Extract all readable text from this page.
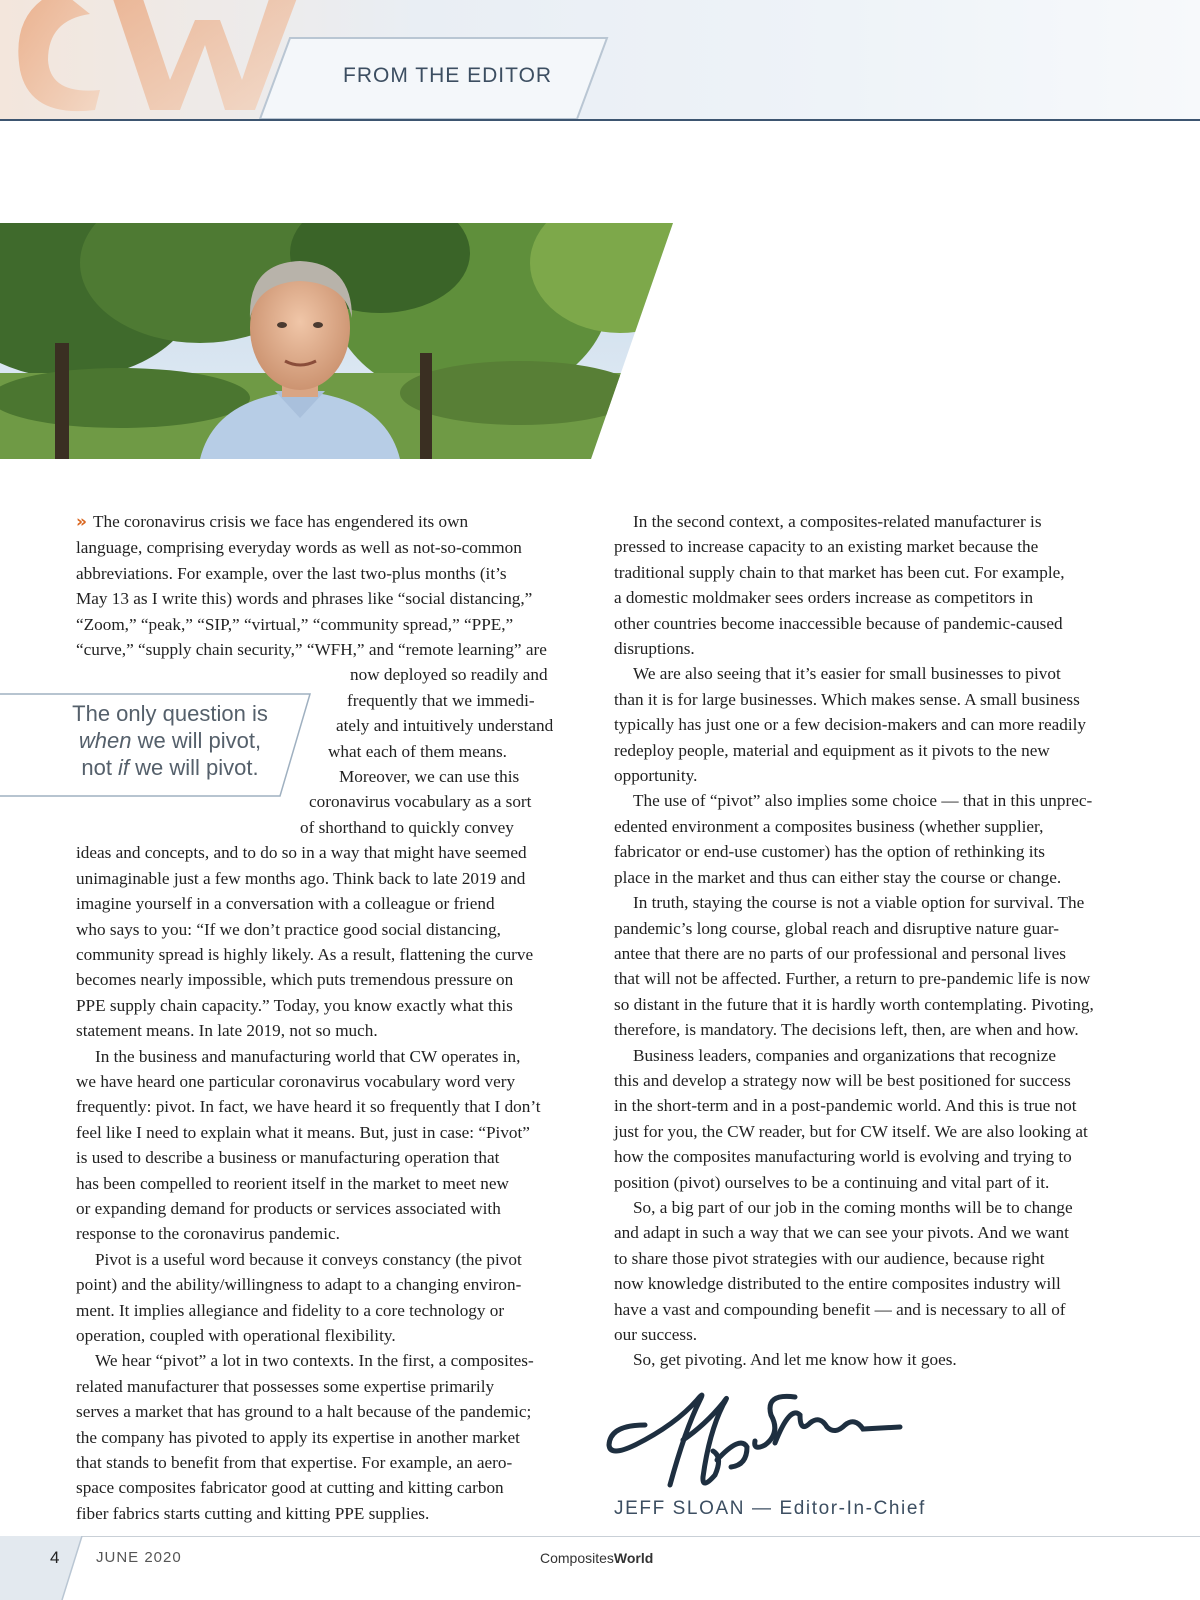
FROM THE EDITOR
The only question is
when we will pivot,
not if we will pivot.

» The coronavirus crisis we face has engendered its own
language, comprising everyday words as well as not-so-common
abbreviations. For example, over the last two-plus months (it’s
May 13 as I write this) words and phrases like “social distancing,”
“Zoom,” “peak,” “SIP,” “virtual,” “community spread,” “PPE,”
“curve,” “supply chain security,” “WFH,” and “remote learning” are
now deployed so readily and
frequently that we immedi-
ately and intuitively understand
what each of them means.
Moreover, we can use this
coronavirus vocabulary as a sort
of shorthand to quickly convey
ideas and concepts, and to do so in a way that might have seemed
unimaginable just a few months ago. Think back to late 2019 and
imagine yourself in a conversation with a colleague or friend
who says to you: “If we don’t practice good social distancing,
community spread is highly likely. As a result, flattening the curve
becomes nearly impossible, which puts tremendous pressure on
PPE supply chain capacity.” Today, you know exactly what this
statement means. In late 2019, not so much.

In the business and manufacturing world that CW operates in,
we have heard one particular coronavirus vocabulary word very
frequently: pivot. In fact, we have heard it so frequently that I don’t
feel like I need to explain what it means. But, just in case: “Pivot”
is used to describe a business or manufacturing operation that
has been compelled to reorient itself in the market to meet new
or expanding demand for products or services associated with
response to the coronavirus pandemic.

Pivot is a useful word because it conveys constancy (the pivot
point) and the ability/willingness to adapt to a changing environ-
ment. It implies allegiance and fidelity to a core technology or
operation, coupled with operational flexibility.

We hear “pivot” a lot in two contexts. In the first, a composites-
related manufacturer that possesses some expertise primarily
serves a market that has ground to a halt because of the pandemic;
the company has pivoted to apply its expertise in another market
that stands to benefit from that expertise. For example, an aero-
space composites fabricator good at cutting and kitting carbon
fiber fabrics starts cutting and kitting PPE supplies.

In the second context, a composites-related manufacturer is
pressed to increase capacity to an existing market because the
traditional supply chain to that market has been cut. For example,
a domestic moldmaker sees orders increase as competitors in
other countries become inaccessible because of pandemic-caused
disruptions.

We are also seeing that it’s easier for small businesses to pivot
than it is for large businesses. Which makes sense. A small business
typically has just one or a few decision-makers and can more readily
redeploy people, material and equipment as it pivots to the new
opportunity.

The use of “pivot” also implies some choice — that in this unprec-
edented environment a composites business (whether supplier,
fabricator or end-use customer) has the option of rethinking its
place in the market and thus can either stay the course or change.

In truth, staying the course is not a viable option for survival. The
pandemic’s long course, global reach and disruptive nature guar-
antee that there are no parts of our professional and personal lives
that will not be affected. Further, a return to pre-pandemic life is now
so distant in the future that it is hardly worth contemplating. Pivoting,
therefore, is mandatory. The decisions left, then, are when and how.

Business leaders, companies and organizations that recognize
this and develop a strategy now will be best positioned for success
in the short-term and in a post-pandemic world. And this is true not
just for you, the CW reader, but for CW itself. We are also looking at
how the composites manufacturing world is evolving and trying to
position (pivot) ourselves to be a continuing and vital part of it.

So, a big part of our job in the coming months will be to change
and adapt in such a way that we can see your pivots. And we want
to share those pivot strategies with our audience, because right
now knowledge distributed to the entire composites industry will
have a vast and compounding benefit — and is necessary to all of
our success.

So, get pivoting. And let me know how it goes.

JEFF SLOAN — Editor-In-Chief
4 JUNE 2020	CompositesWorld
